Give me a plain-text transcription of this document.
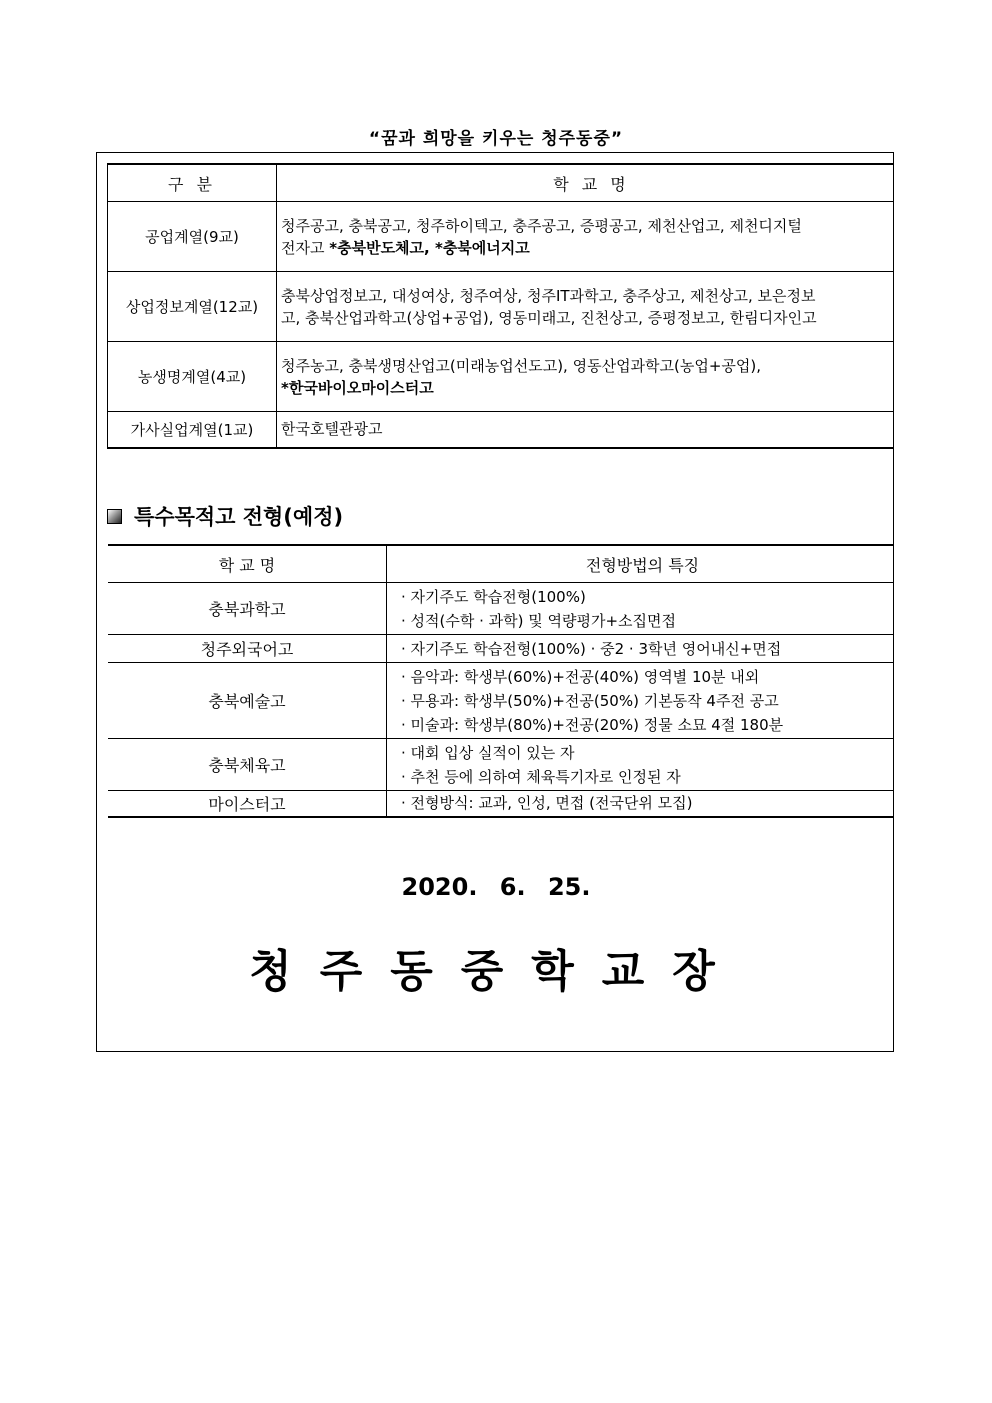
“꿈과 희망을 키우는 청주동중”
구 분	학 교 명
공업계열(9교)	청주공고, 충북공고, 청주하이텍고, 충주공고, 증평공고, 제천산업고, 제천디지털
전자고 *충북반도체고, *충북에너지고

상업정보계열(12교)	충북상업정보고, 대성여상, 청주여상, 청주IT과학고, 충주상고, 제천상고, 보은정보
고, 충북산업과학고(상업+공업), 영동미래고, 진천상고, 증평정보고, 한림디자인고

농생명계열(4교)	청주농고, 충북생명산업고(미래농업선도고), 영동산업과학고(농업+공업),
*한국바이오마이스터고

가사실업계열(1교)	한국호텔관광고
특수목적고 전형(예정)
학 교 명	전형방법의 특징
충북과학고	· 자기주도 학습전형(100%)
· 성적(수학 · 과학) 및 역량평가+소집면접

청주외국어고	· 자기주도 학습전형(100%) · 중2 · 3학년 영어내신+면접

충북예술고	· 음악과: 학생부(60%)+전공(40%) 영역별 10분 내외
· 무용과: 학생부(50%)+전공(50%) 기본동작 4주전 공고
· 미술과: 학생부(80%)+전공(20%) 정물 소묘 4절 180분

충북체육고	· 대회 입상 실적이 있는 자
· 추천 등에 의하여 체육특기자로 인정된 자

마이스터고	· 전형방식: 교과, 인성, 면접 (전국단위 모집)
2020. 6. 25.
청주동중학교장
